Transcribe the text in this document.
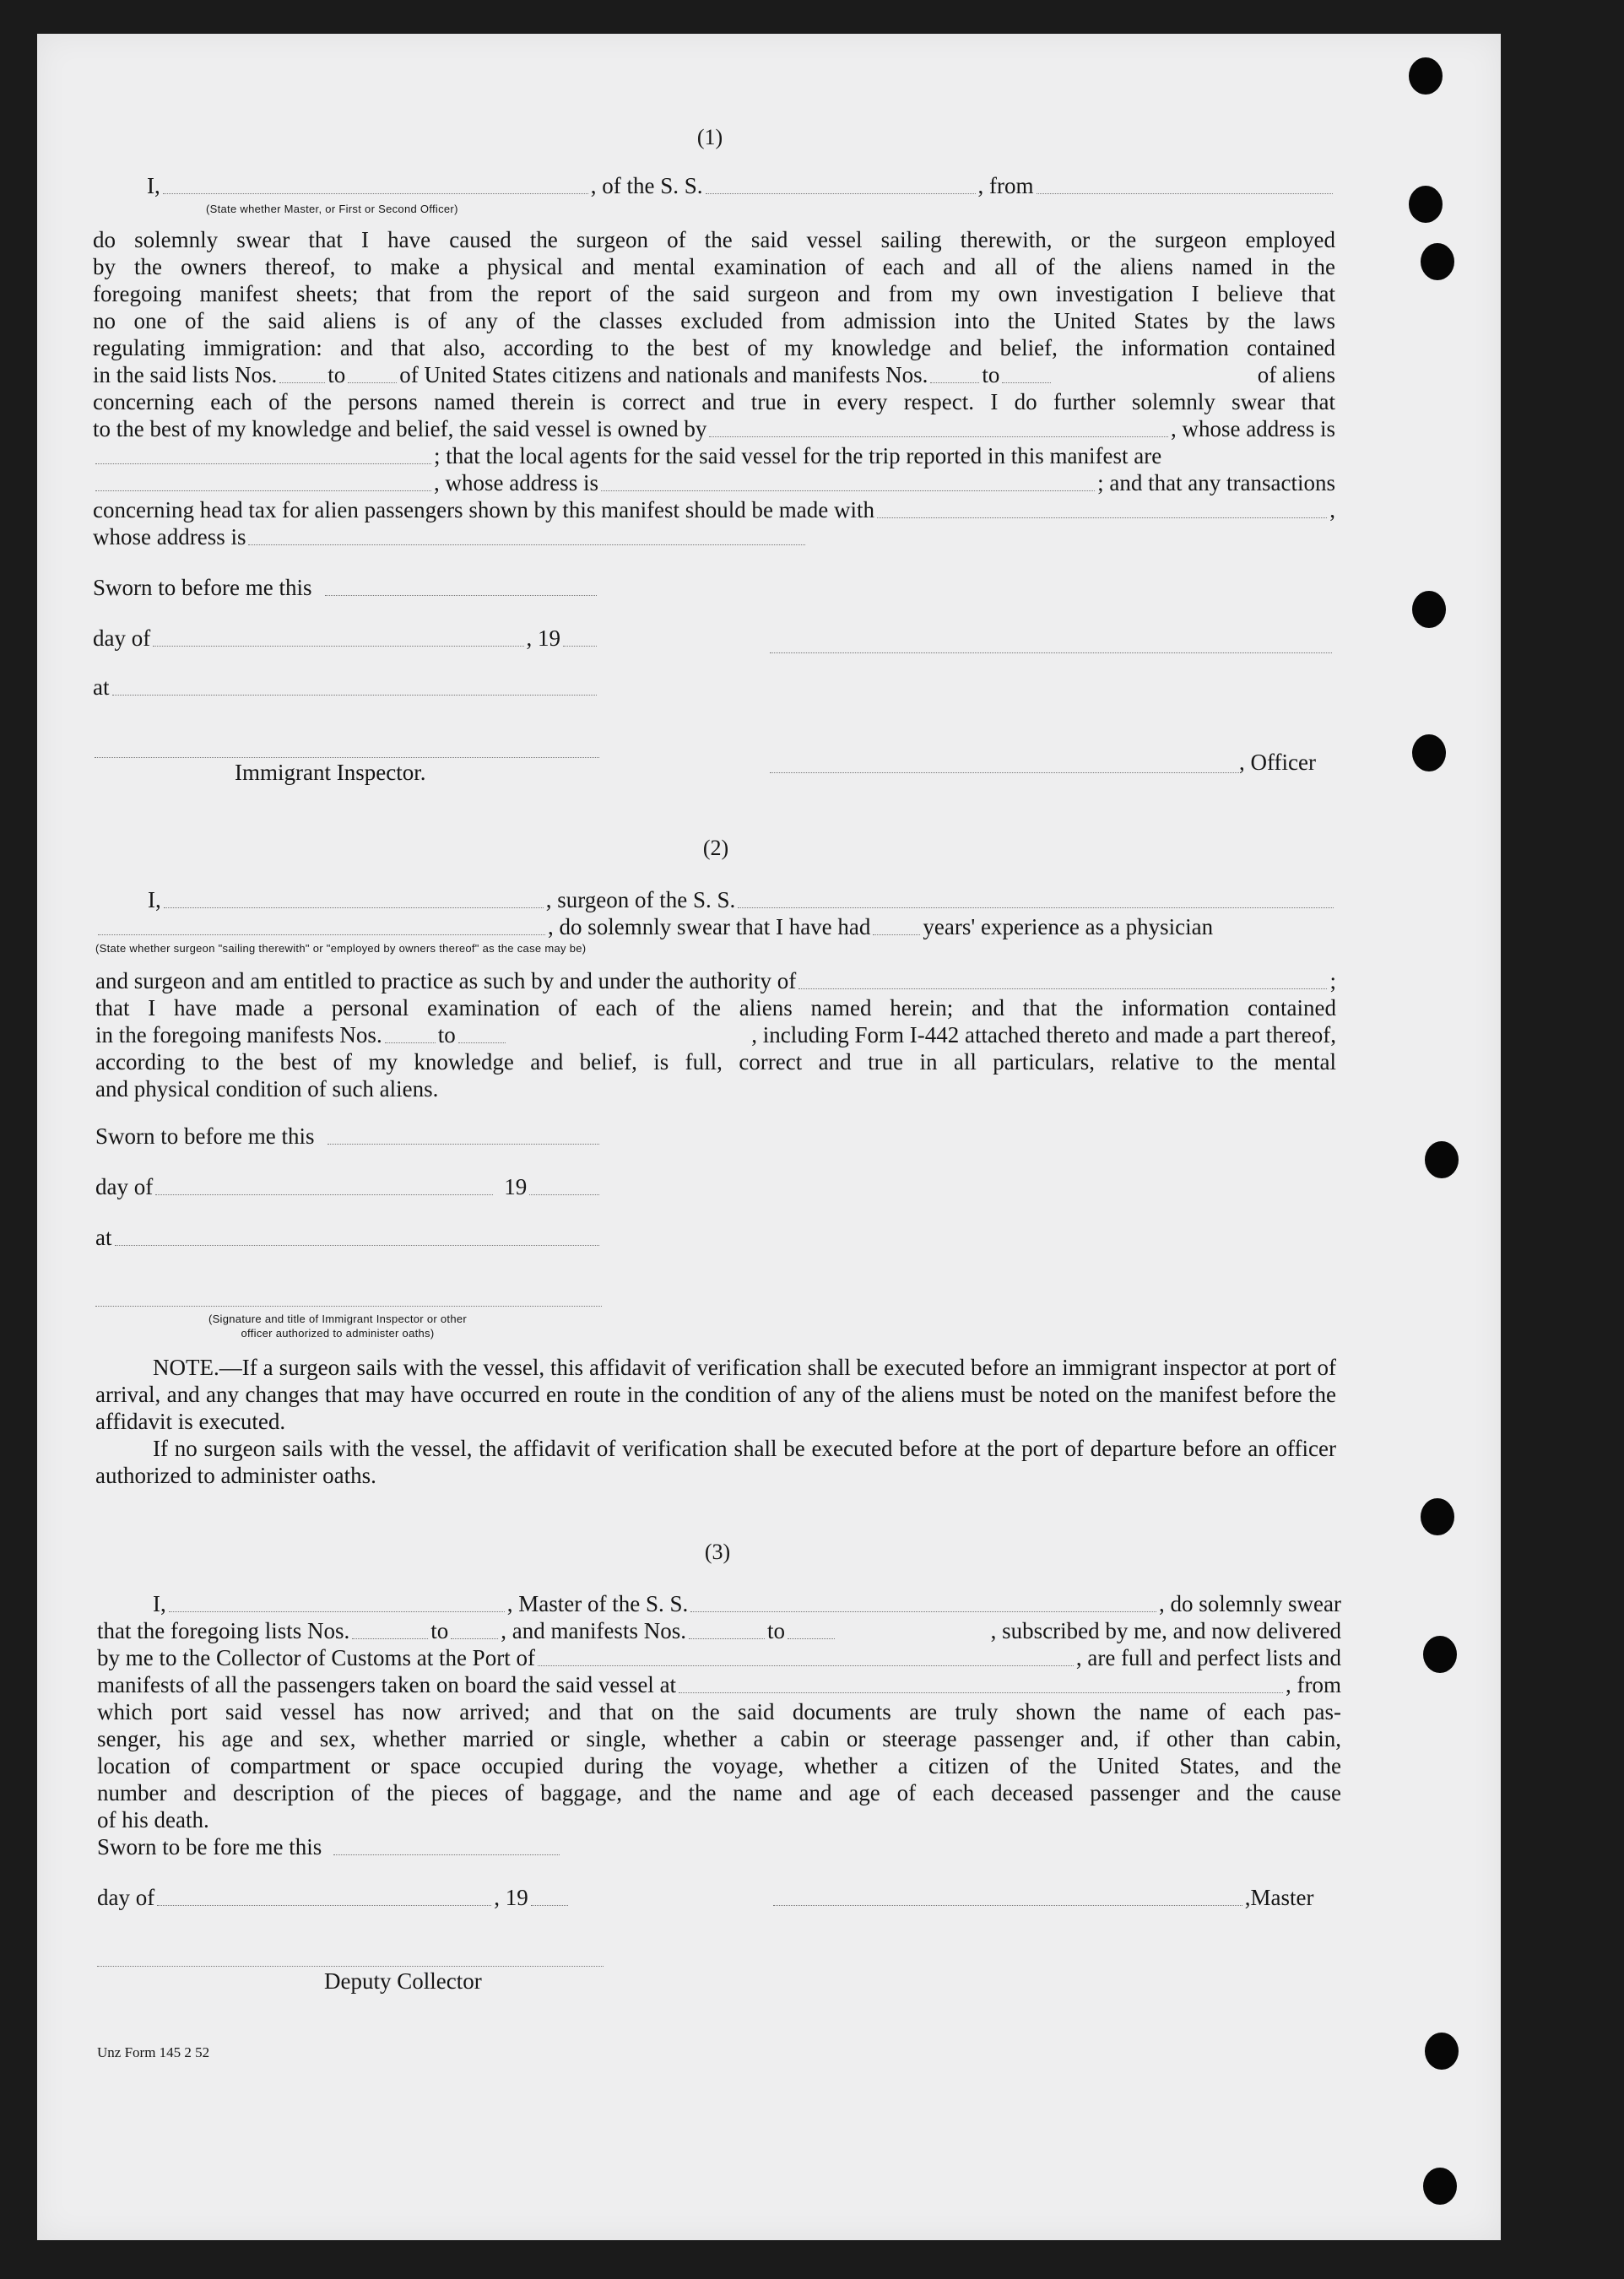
(1)
I,	, of the S. S.	, from
(State whether Master, or First or Second Officer)
do solemnly swear that I have caused the surgeon of the said vessel sailing therewith, or the surgeon employed
by the owners thereof, to make a physical and mental examination of each and all of the aliens named in the
foregoing manifest sheets; that from the report of the said surgeon and from my own investigation I believe that
no one of the said aliens is of any of the classes excluded from admission into the United States by the laws
regulating immigration: and that also, according to the best of my knowledge and belief, the information contained
in the said lists Nos. to of United States citizens and nationals and manifests Nos. to	of aliens
concerning each of the persons named therein is correct and true in every respect. I do further solemnly swear that
to the best of my knowledge and belief, the said vessel is owned by	, whose address is
; that the local agents for the said vessel for the trip reported in this manifest are
, whose address is	; and that any transactions
concerning head tax for alien passengers shown by this manifest should be made with	,
whose address is
Sworn to before me this
day of	, 19
at
Immigrant Inspector.	, Officer
(2)
I,	, surgeon of the S. S.
, do solemnly swear that I have had years' experience as a physician
(State whether surgeon "sailing therewith" or "employed by owners thereof" as the case may be)
and surgeon and am entitled to practice as such by and under the authority of	;
that I have made a personal examination of each of the aliens named herein; and that the information contained
in the foregoing manifests Nos. to	, including Form I-442 attached thereto and made a part thereof,
according to the best of my knowledge and belief, is full, correct and true in all particulars, relative to the mental
and physical condition of such aliens.
Sworn to before me this
day of	19
at
(Signature and title of Immigrant Inspector or other
officer authorized to administer oaths)

NOTE.—If a surgeon sails with the vessel, this affidavit of verification shall be executed before an immigrant inspector at port of arrival, and any changes that may have occurred en route in the condition of any of the aliens must be noted on the manifest before the affidavit is executed.

If no surgeon sails with the vessel, the affidavit of verification shall be executed before at the port of departure before an officer authorized to administer oaths.

(3)
I,	, Master of the S. S.	, do solemnly swear
that the foregoing lists Nos.	to , and manifests Nos.	to	, subscribed by me, and now delivered
by me to the Collector of Customs at the Port of	, are full and perfect lists and
manifests of all the passengers taken on board the said vessel at	, from
which port said vessel has now arrived; and that on the said documents are truly shown the name of each pas-
senger, his age and sex, whether married or single, whether a cabin or steerage passenger and, if other than cabin,
location of compartment or space occupied during the voyage, whether a citizen of the United States, and the
number and description of the pieces of baggage, and the name and age of each deceased passenger and the cause
of his death.
Sworn to be fore me this
day of	, 19	,Master
Deputy Collector
Unz Form 145 2 52
